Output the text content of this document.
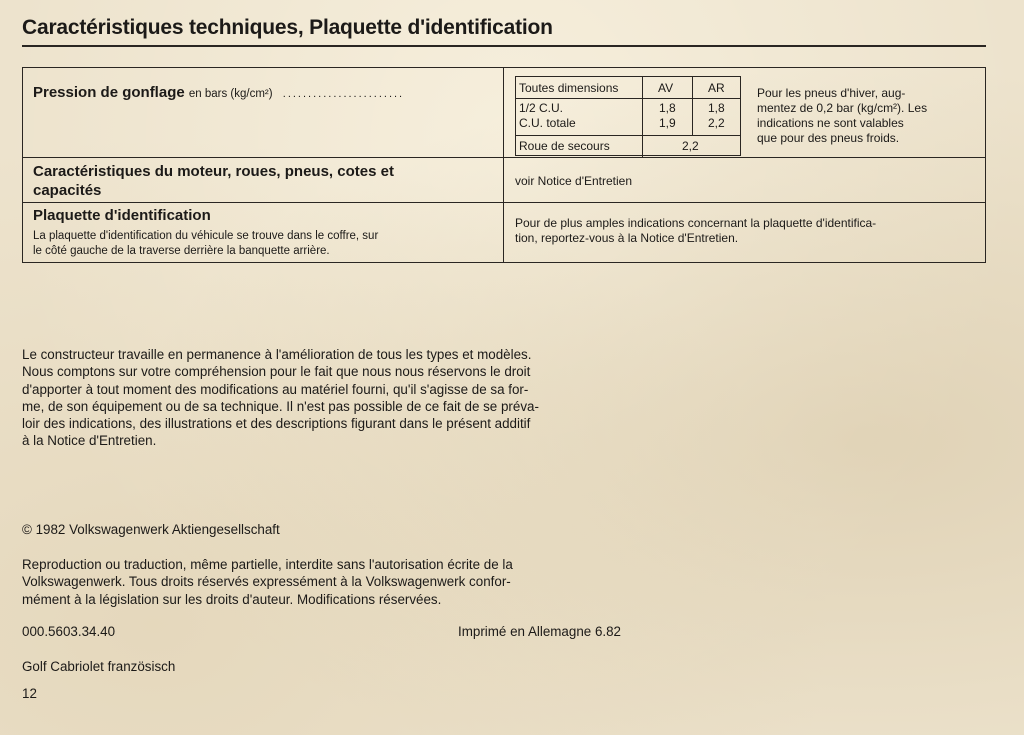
Caractéristiques techniques, Plaquette d'identification
Pression de gonflage en bars (kg/cm²) ........................	Toutes dimensions	AV	AR
1/2 C.U.	1,8	1,8
C.U. totale	1,9	2,2
Roue de secours	2,2
Pour les pneus d'hiver, aug-
mentez de 0,2 bar (kg/cm²). Les
indications ne sont valables
que pour des pneus froids.
Caractéristiques du moteur, roues, pneus, cotes et
capacités
voir Notice d'Entretien
Plaquette d'identification
La plaquette d'identification du véhicule se trouve dans le coffre, sur
le côté gauche de la traverse derrière la banquette arrière.
Pour de plus amples indications concernant la plaquette d'identifica-
tion, reportez-vous à la Notice d'Entretien.
Le constructeur travaille en permanence à l'amélioration de tous les types et modèles.
Nous comptons sur votre compréhension pour le fait que nous nous réservons le droit
d'apporter à tout moment des modifications au matériel fourni, qu'il s'agisse de sa for-
me, de son équipement ou de sa technique. Il n'est pas possible de ce fait de se préva-
loir des indications, des illustrations et des descriptions figurant dans le présent additif
à la Notice d'Entretien.
© 1982 Volkswagenwerk Aktiengesellschaft
Reproduction ou traduction, même partielle, interdite sans l'autorisation écrite de la
Volkswagenwerk. Tous droits réservés expressément à la Volkswagenwerk confor-
mément à la législation sur les droits d'auteur. Modifications réservées.
000.5603.34.40	Imprimé en Allemagne 6.82
Golf Cabriolet französisch
12
